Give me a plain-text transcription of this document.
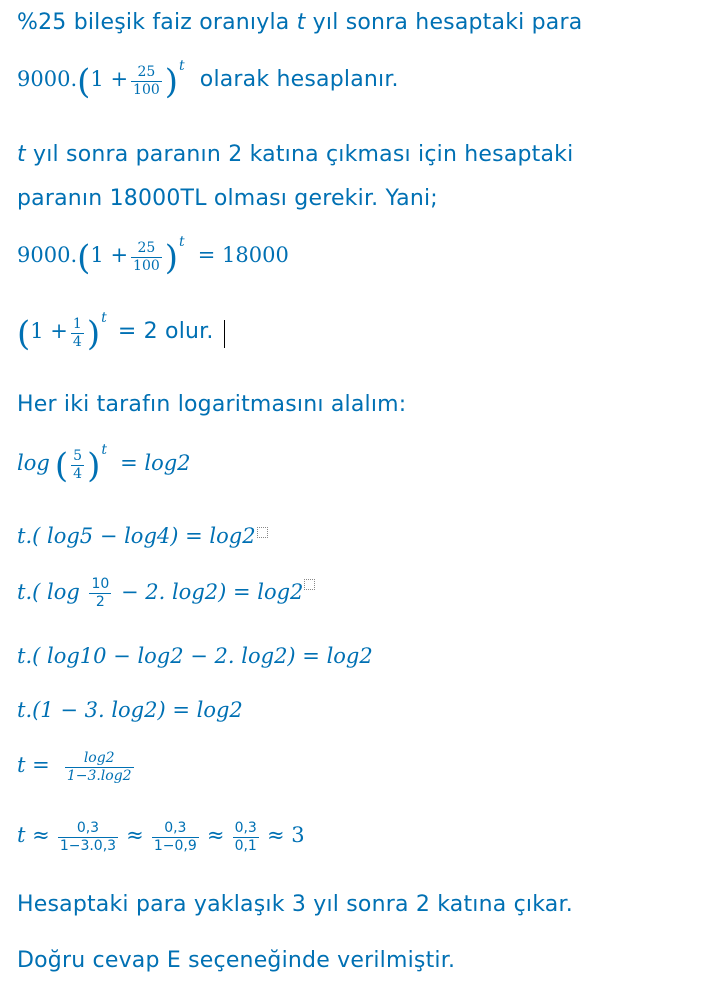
%25 bileşik faiz oranıyla t yıl sonra hesaptaki para
$9000.(1 + \frac{25}{100} )^t$ olarak hesaplanır.
t yıl sonra paranın 2 katına çıkması için hesaptaki
paranın 18000TL olması gerekir. Yani;
$9000.(1 + \frac{25}{100} )^t = 18000$
$(1 + \frac{1}{4} )^t = 2$ olur.
Her iki tarafın logaritmasını alalım:
log ( $\frac{5}{4} )^t = \log 2$
t.( log5 − log4) = log2
t.( $\log \frac{10}{2} - 2$. log2) = log2
t.( log10 − log2 − 2. log2) = log2
t.(1 − 3. log2) = log2
$t = \frac{\log 2}{1-3.\log 2}$
$t \approx \frac{0,3}{1-3.0,3} \approx \frac{0,3}{1-0,9} \approx \frac{0,3}{0,1} \approx 3$
Hesaptaki para yaklaşık 3 yıl sonra 2 katına çıkar.
Doğru cevap E seçeneğinde verilmiştir.
